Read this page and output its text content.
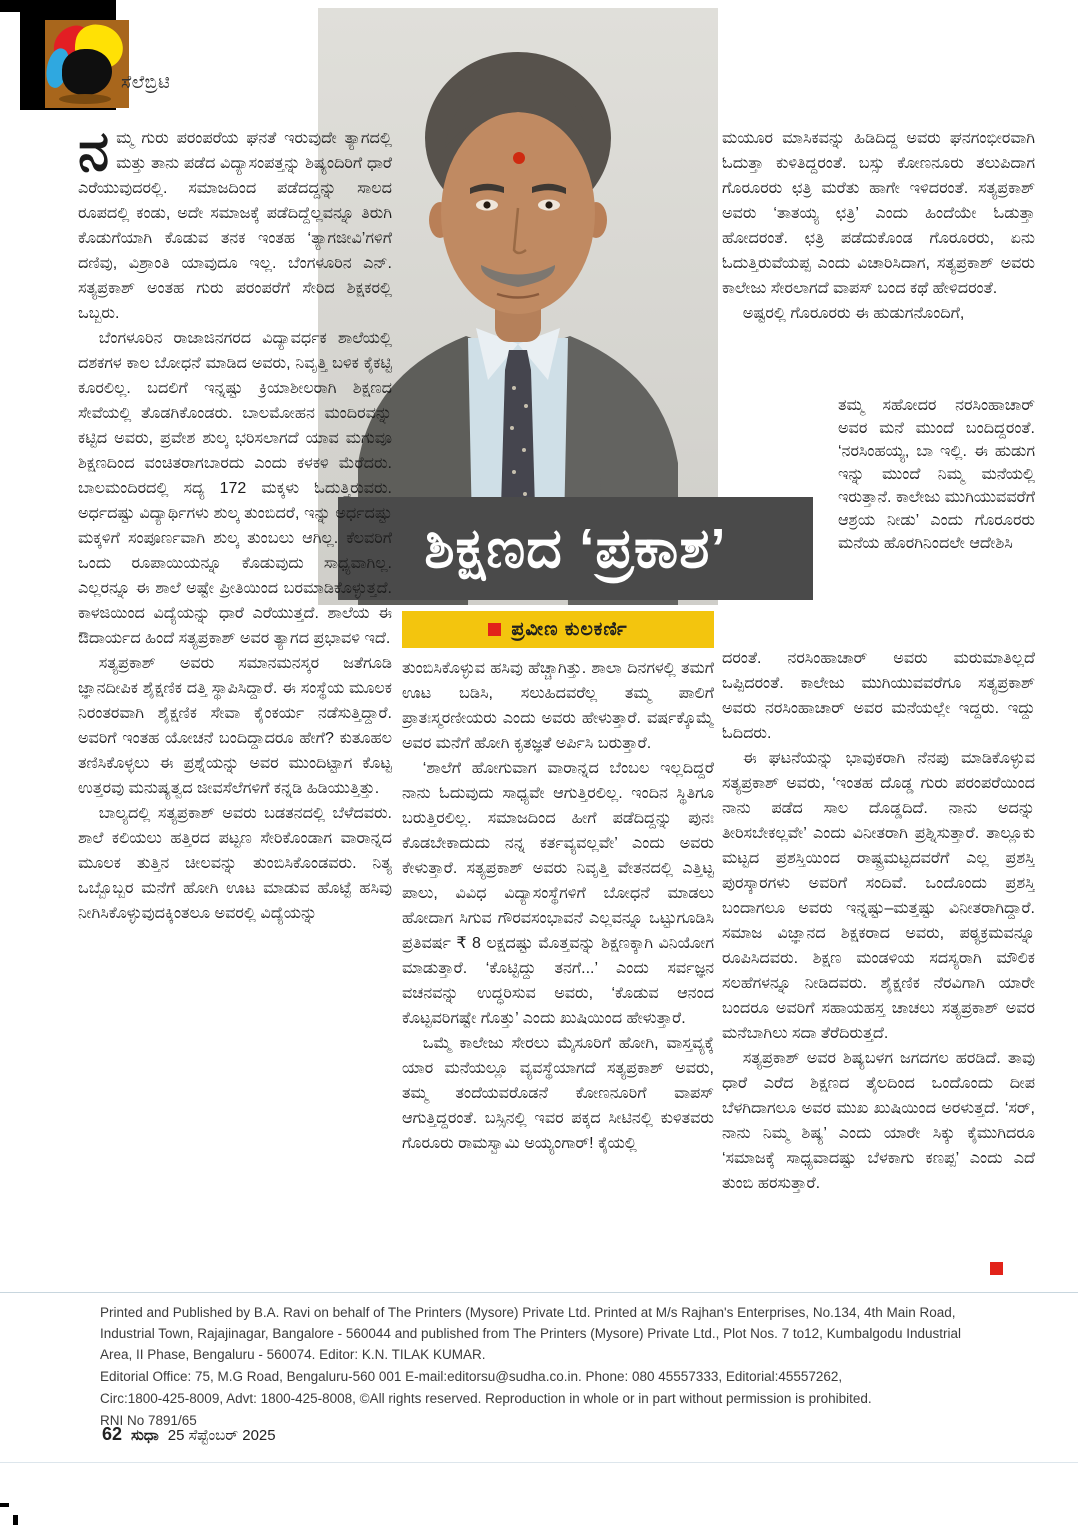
ಸೆಲೆಬ್ರಿಟಿ
ಶಿಕ್ಷಣದ ‘ಪ್ರಕಾಶ’
ಪ್ರವೀಣ ಕುಲಕರ್ಣಿ

ನಮ್ಮ ಗುರು ಪರಂಪರೆಯ ಘನತೆ ಇರುವುದೇ ತ್ಯಾಗದಲ್ಲಿ ಮತ್ತು ತಾನು ಪಡೆದ ವಿದ್ಯಾಸಂಪತ್ತನ್ನು ಶಿಷ್ಯಂದಿರಿಗೆ ಧಾರೆ ಎರೆಯುವುದರಲ್ಲಿ. ಸಮಾಜದಿಂದ ಪಡೆದದ್ದನ್ನು ಸಾಲದ ರೂಪದಲ್ಲಿ ಕಂಡು, ಅದೇ ಸಮಾಜಕ್ಕೆ ಪಡೆದಿದ್ದೆಲ್ಲವನ್ನೂ ತಿರುಗಿ ಕೊಡುಗೆಯಾಗಿ ಕೊಡುವ ತನಕ ಇಂತಹ ‘ತ್ಯಾಗಜೀವಿ’ಗಳಿಗೆ ದಣಿವು, ವಿಶ್ರಾಂತಿ ಯಾವುದೂ ಇಲ್ಲ. ಬೆಂಗಳೂರಿನ ಎನ್. ಸತ್ಯಪ್ರಕಾಶ್ ಅಂತಹ ಗುರು ಪರಂಪರೆಗೆ ಸೇರಿದ ಶಿಕ್ಷಕರಲ್ಲಿ ಒಬ್ಬರು.

ಬೆಂಗಳೂರಿನ ರಾಜಾಜಿನಗರದ ವಿದ್ಯಾವರ್ಧಕ ಶಾಲೆಯಲ್ಲಿ ದಶಕಗಳ ಕಾಲ ಬೋಧನೆ ಮಾಡಿದ ಅವರು, ನಿವೃತ್ತಿ ಬಳಿಕ ಕೈಕಟ್ಟಿ ಕೂರಲಿಲ್ಲ. ಬದಲಿಗೆ ಇನ್ನಷ್ಟು ಕ್ರಿಯಾಶೀಲರಾಗಿ ಶಿಕ್ಷಣದ ಸೇವೆಯಲ್ಲಿ ತೊಡಗಿಕೊಂಡರು. ಬಾಲಮೋಹನ ಮಂದಿರವನ್ನು ಕಟ್ಟಿದ ಅವರು, ಪ್ರವೇಶ ಶುಲ್ಕ ಭರಿಸಲಾಗದೆ ಯಾವ ಮಗುವೂ ಶಿಕ್ಷಣದಿಂದ ವಂಚಿತರಾಗಬಾರದು ಎಂದು ಕಳಕಳಿ ಮೆರೆದರು. ಬಾಲಮಂದಿರದಲ್ಲಿ ಸದ್ಯ 172 ಮಕ್ಕಳು ಓದುತ್ತಿರುವರು. ಅರ್ಧದಷ್ಟು ವಿದ್ಯಾರ್ಥಿಗಳು ಶುಲ್ಕ ತುಂಬಿದರೆ, ಇನ್ನು ಅರ್ಧದಷ್ಟು ಮಕ್ಕಳಿಗೆ ಸಂಪೂರ್ಣವಾಗಿ ಶುಲ್ಕ ತುಂಬಲು ಆಗಿಲ್ಲ. ಕೆಲವರಿಗೆ ಒಂದು ರೂಪಾಯಿಯನ್ನೂ ಕೊಡುವುದು ಸಾಧ್ಯವಾಗಿಲ್ಲ. ಎಲ್ಲರನ್ನೂ ಈ ಶಾಲೆ ಅಷ್ಟೇ ಪ್ರೀತಿಯಿಂದ ಬರಮಾಡಿಕೊಳ್ಳುತ್ತದೆ. ಕಾಳಜಿಯಿಂದ ವಿದ್ಯೆಯನ್ನು ಧಾರೆ ಎರೆಯುತ್ತದೆ. ಶಾಲೆಯ ಈ ಔದಾರ್ಯದ ಹಿಂದೆ ಸತ್ಯಪ್ರಕಾಶ್ ಅವರ ತ್ಯಾಗದ ಪ್ರಭಾವಳಿ ಇದೆ.

ಸತ್ಯಪ್ರಕಾಶ್ ಅವರು ಸಮಾನಮನಸ್ಕರ ಜತೆಗೂಡಿ ಜ್ಞಾನದೀಪಿಕ ಶೈಕ್ಷಣಿಕ ದತ್ತಿ ಸ್ಥಾಪಿಸಿದ್ದಾರೆ. ಈ ಸಂಸ್ಥೆಯ ಮೂಲಕ ನಿರಂತರವಾಗಿ ಶೈಕ್ಷಣಿಕ ಸೇವಾ ಕೈಂಕರ್ಯ ನಡೆಸುತ್ತಿದ್ದಾರೆ. ಅವರಿಗೆ ಇಂತಹ ಯೋಚನೆ ಬಂದಿದ್ದಾದರೂ ಹೇಗೆ? ಕುತೂಹಲ ತಣಿಸಿಕೊಳ್ಳಲು ಈ ಪ್ರಶ್ನೆಯನ್ನು ಅವರ ಮುಂದಿಟ್ಟಾಗ ಕೊಟ್ಟ ಉತ್ತರವು ಮನುಷ್ಯತ್ವದ ಜೀವಸೆಲೆಗಳಿಗೆ ಕನ್ನಡಿ ಹಿಡಿಯುತ್ತಿತ್ತು.

ಬಾಲ್ಯದಲ್ಲಿ ಸತ್ಯಪ್ರಕಾಶ್ ಅವರು ಬಡತನದಲ್ಲಿ ಬೆಳೆದವರು. ಶಾಲೆ ಕಲಿಯಲು ಹತ್ತಿರದ ಪಟ್ಟಣ ಸೇರಿಕೊಂಡಾಗ ವಾರಾನ್ನದ ಮೂಲಕ ತುತ್ತಿನ ಚೀಲವನ್ನು ತುಂಬಿಸಿಕೊಂಡವರು. ನಿತ್ಯ ಒಬ್ಬೊಬ್ಬರ ಮನೆಗೆ ಹೋಗಿ ಊಟ ಮಾಡುವ ಹೊಟ್ಟೆ ಹಸಿವು ನೀಗಿಸಿಕೊಳ್ಳುವುದಕ್ಕಿಂತಲೂ ಅವರಲ್ಲಿ ವಿದ್ಯೆಯನ್ನು

ತುಂಬಿಸಿಕೊಳ್ಳುವ ಹಸಿವು ಹೆಚ್ಚಾಗಿತ್ತು. ಶಾಲಾ ದಿನಗಳಲ್ಲಿ ತಮಗೆ ಊಟ ಬಡಿಸಿ, ಸಲುಹಿದವರೆಲ್ಲ ತಮ್ಮ ಪಾಲಿಗೆ ಪ್ರಾತಃಸ್ಮರಣೀಯರು ಎಂದು ಅವರು ಹೇಳುತ್ತಾರೆ. ವರ್ಷಕ್ಕೊಮ್ಮೆ ಅವರ ಮನೆಗೆ ಹೋಗಿ ಕೃತಜ್ಞತೆ ಅರ್ಪಿಸಿ ಬರುತ್ತಾರೆ.

‘ಶಾಲೆಗೆ ಹೋಗುವಾಗ ವಾರಾನ್ನದ ಬೆಂಬಲ ಇಲ್ಲದಿದ್ದರೆ ನಾನು ಓದುವುದು ಸಾಧ್ಯವೇ ಆಗುತ್ತಿರಲಿಲ್ಲ. ಇಂದಿನ ಸ್ಥಿತಿಗೂ ಬರುತ್ತಿರಲಿಲ್ಲ. ಸಮಾಜದಿಂದ ಹೀಗೆ ಪಡೆದಿದ್ದನ್ನು ಪುನಃ ಕೊಡಬೇಕಾದುದು ನನ್ನ ಕರ್ತವ್ಯವಲ್ಲವೇ’ ಎಂದು ಅವರು ಕೇಳುತ್ತಾರೆ. ಸತ್ಯಪ್ರಕಾಶ್ ಅವರು ನಿವೃತ್ತಿ ವೇತನದಲ್ಲಿ ಎತ್ತಿಟ್ಟ ಪಾಲು, ವಿವಿಧ ವಿದ್ಯಾಸಂಸ್ಥೆಗಳಿಗೆ ಬೋಧನೆ ಮಾಡಲು ಹೋದಾಗ ಸಿಗುವ ಗೌರವಸಂಭಾವನೆ ಎಲ್ಲವನ್ನೂ ಒಟ್ಟುಗೂಡಿಸಿ ಪ್ರತಿವರ್ಷ ₹ 8 ಲಕ್ಷದಷ್ಟು ಮೊತ್ತವನ್ನು ಶಿಕ್ಷಣಕ್ಕಾಗಿ ವಿನಿಯೋಗ ಮಾಡುತ್ತಾರೆ. ‘ಕೊಟ್ಟಿದ್ದು ತನಗೆ...’ ಎಂದು ಸರ್ವಜ್ಞನ ವಚನವನ್ನು ಉದ್ಧರಿಸುವ ಅವರು, ‘ಕೊಡುವ ಆನಂದ ಕೊಟ್ಟವರಿಗಷ್ಟೇ ಗೊತ್ತು’ ಎಂದು ಖುಷಿಯಿಂದ ಹೇಳುತ್ತಾರೆ.

ಒಮ್ಮೆ ಕಾಲೇಜು ಸೇರಲು ಮೈಸೂರಿಗೆ ಹೋಗಿ, ವಾಸ್ತವ್ಯಕ್ಕೆ ಯಾರ ಮನೆಯಲ್ಲೂ ವ್ಯವಸ್ಥೆಯಾಗದೆ ಸತ್ಯಪ್ರಕಾಶ್ ಅವರು, ತಮ್ಮ ತಂದೆಯವರೊಡನೆ ಕೋಣನೂರಿಗೆ ವಾಪಸ್ ಆಗುತ್ತಿದ್ದರಂತೆ. ಬಸ್ಸಿನಲ್ಲಿ ಇವರ ಪಕ್ಕದ ಸೀಟಿನಲ್ಲಿ ಕುಳಿತವರು ಗೊರೂರು ರಾಮಸ್ವಾಮಿ ಅಯ್ಯಂಗಾರ್! ಕೈಯಲ್ಲಿ

ಮಯೂರ ಮಾಸಿಕವನ್ನು ಹಿಡಿದಿದ್ದ ಅವರು ಘನಗಂಭೀರವಾಗಿ ಓದುತ್ತಾ ಕುಳಿತಿದ್ದರಂತೆ. ಬಸ್ಸು ಕೋಣನೂರು ತಲುಪಿದಾಗ ಗೊರೂರರು ಛತ್ರಿ ಮರೆತು ಹಾಗೇ ಇಳಿದರಂತೆ. ಸತ್ಯಪ್ರಕಾಶ್ ಅವರು ‘ತಾತಯ್ಯ ಛತ್ರಿ’ ಎಂದು ಹಿಂದೆಯೇ ಓಡುತ್ತಾ ಹೋದರಂತೆ. ಛತ್ರಿ ಪಡೆದುಕೊಂಡ ಗೊರೂರರು, ಏನು ಓದುತ್ತಿರುವೆಯಪ್ಪ ಎಂದು ವಿಚಾರಿಸಿದಾಗ, ಸತ್ಯಪ್ರಕಾಶ್ ಅವರು ಕಾಲೇಜು ಸೇರಲಾಗದೆ ವಾಪಸ್ ಬಂದ ಕಥೆ ಹೇಳಿದರಂತೆ.

ಅಷ್ಟರಲ್ಲಿ ಗೊರೂರರು ಈ ಹುಡುಗನೊಂದಿಗೆ,

ತಮ್ಮ ಸಹೋದರ ನರಸಿಂಹಾಚಾರ್ ಅವರ ಮನೆ ಮುಂದೆ ಬಂದಿದ್ದರಂತೆ. ‘ನರಸಿಂಹಯ್ಯ, ಬಾ ಇಲ್ಲಿ. ಈ ಹುಡುಗ ಇನ್ನು ಮುಂದೆ ನಿಮ್ಮ ಮನೆಯಲ್ಲಿ ಇರುತ್ತಾನೆ. ಕಾಲೇಜು ಮುಗಿಯುವವರೆಗೆ ಆಶ್ರಯ ನೀಡು’ ಎಂದು ಗೊರೂರರು ಮನೆಯ ಹೊರಗಿನಿಂದಲೇ ಆದೇಶಿಸಿ

ದರಂತೆ. ನರಸಿಂಹಾಚಾರ್ ಅವರು ಮರುಮಾತಿಲ್ಲದೆ ಒಪ್ಪಿದರಂತೆ. ಕಾಲೇಜು ಮುಗಿಯುವವರೆಗೂ ಸತ್ಯಪ್ರಕಾಶ್ ಅವರು ನರಸಿಂಹಾಚಾರ್ ಅವರ ಮನೆಯಲ್ಲೇ ಇದ್ದರು. ಇದ್ದು ಓದಿದರು.

ಈ ಘಟನೆಯನ್ನು ಭಾವುಕರಾಗಿ ನೆನಪು ಮಾಡಿಕೊಳ್ಳುವ ಸತ್ಯಪ್ರಕಾಶ್ ಅವರು, ‘ಇಂತಹ ದೊಡ್ಡ ಗುರು ಪರಂಪರೆಯಿಂದ ನಾನು ಪಡೆದ ಸಾಲ ದೊಡ್ಡದಿದೆ. ನಾನು ಅದನ್ನು ತೀರಿಸಬೇಕಲ್ಲವೇ’ ಎಂದು ವಿನೀತರಾಗಿ ಪ್ರಶ್ನಿಸುತ್ತಾರೆ. ತಾಲ್ಲೂಕು ಮಟ್ಟದ ಪ್ರಶಸ್ತಿಯಿಂದ ರಾಷ್ಟ್ರಮಟ್ಟದವರೆಗೆ ಎಲ್ಲ ಪ್ರಶಸ್ತಿ ಪುರಸ್ಕಾರಗಳು ಅವರಿಗೆ ಸಂದಿವೆ. ಒಂದೊಂದು ಪ್ರಶಸ್ತಿ ಬಂದಾಗಲೂ ಅವರು ಇನ್ನಷ್ಟು–ಮತ್ತಷ್ಟು ವಿನೀತರಾಗಿದ್ದಾರೆ. ಸಮಾಜ ವಿಜ್ಞಾನದ ಶಿಕ್ಷಕರಾದ ಅವರು, ಪಠ್ಯಕ್ರಮವನ್ನೂ ರೂಪಿಸಿದವರು. ಶಿಕ್ಷಣ ಮಂಡಳಿಯ ಸದಸ್ಯರಾಗಿ ಮೌಲಿಕ ಸಲಹೆಗಳನ್ನೂ ನೀಡಿದವರು. ಶೈಕ್ಷಣಿಕ ನೆರವಿಗಾಗಿ ಯಾರೇ ಬಂದರೂ ಅವರಿಗೆ ಸಹಾಯಹಸ್ತ ಚಾಚಲು ಸತ್ಯಪ್ರಕಾಶ್ ಅವರ ಮನೆಬಾಗಿಲು ಸದಾ ತೆರೆದಿರುತ್ತದೆ.

ಸತ್ಯಪ್ರಕಾಶ್ ಅವರ ಶಿಷ್ಯಬಳಗ ಜಗದಗಲ ಹರಡಿದೆ. ತಾವು ಧಾರೆ ಎರೆದ ಶಿಕ್ಷಣದ ತೈಲದಿಂದ ಒಂದೊಂದು ದೀಪ ಬೆಳಗಿದಾಗಲೂ ಅವರ ಮುಖ ಖುಷಿಯಿಂದ ಅರಳುತ್ತದೆ. ‘ಸರ್, ನಾನು ನಿಮ್ಮ ಶಿಷ್ಯ’ ಎಂದು ಯಾರೇ ಸಿಕ್ಕು ಕೈಮುಗಿದರೂ ‘ಸಮಾಜಕ್ಕೆ ಸಾಧ್ಯವಾದಷ್ಟು ಬೆಳಕಾಗು ಕಣಪ್ಪ’ ಎಂದು ಎದೆ ತುಂಬಿ ಹರಸುತ್ತಾರೆ.

Printed and Published by B.A. Ravi on behalf of The Printers (Mysore) Private Ltd. Printed at M/s Rajhan's Enterprises, No.134, 4th Main Road, Industrial Town, Rajajinagar, Bangalore - 560044 and published from The Printers (Mysore) Private Ltd., Plot Nos. 7 to12, Kumbalgodu Industrial Area, II Phase, Bengaluru - 560074. Editor: K.N. TILAK KUMAR.

Editorial Office: 75, M.G Road, Bengaluru-560 001 E-mail:editorsu@sudha.co.in. Phone: 080 45557333, Editorial:45557262,

Circ:1800-425-8009, Advt: 1800-425-8008, ©All rights reserved. Reproduction in whole or in part without permission is prohibited.

RNI No 7891/65

62 ಸುಧಾ 25 ಸೆಪ್ಟೆಂಬರ್ 2025
